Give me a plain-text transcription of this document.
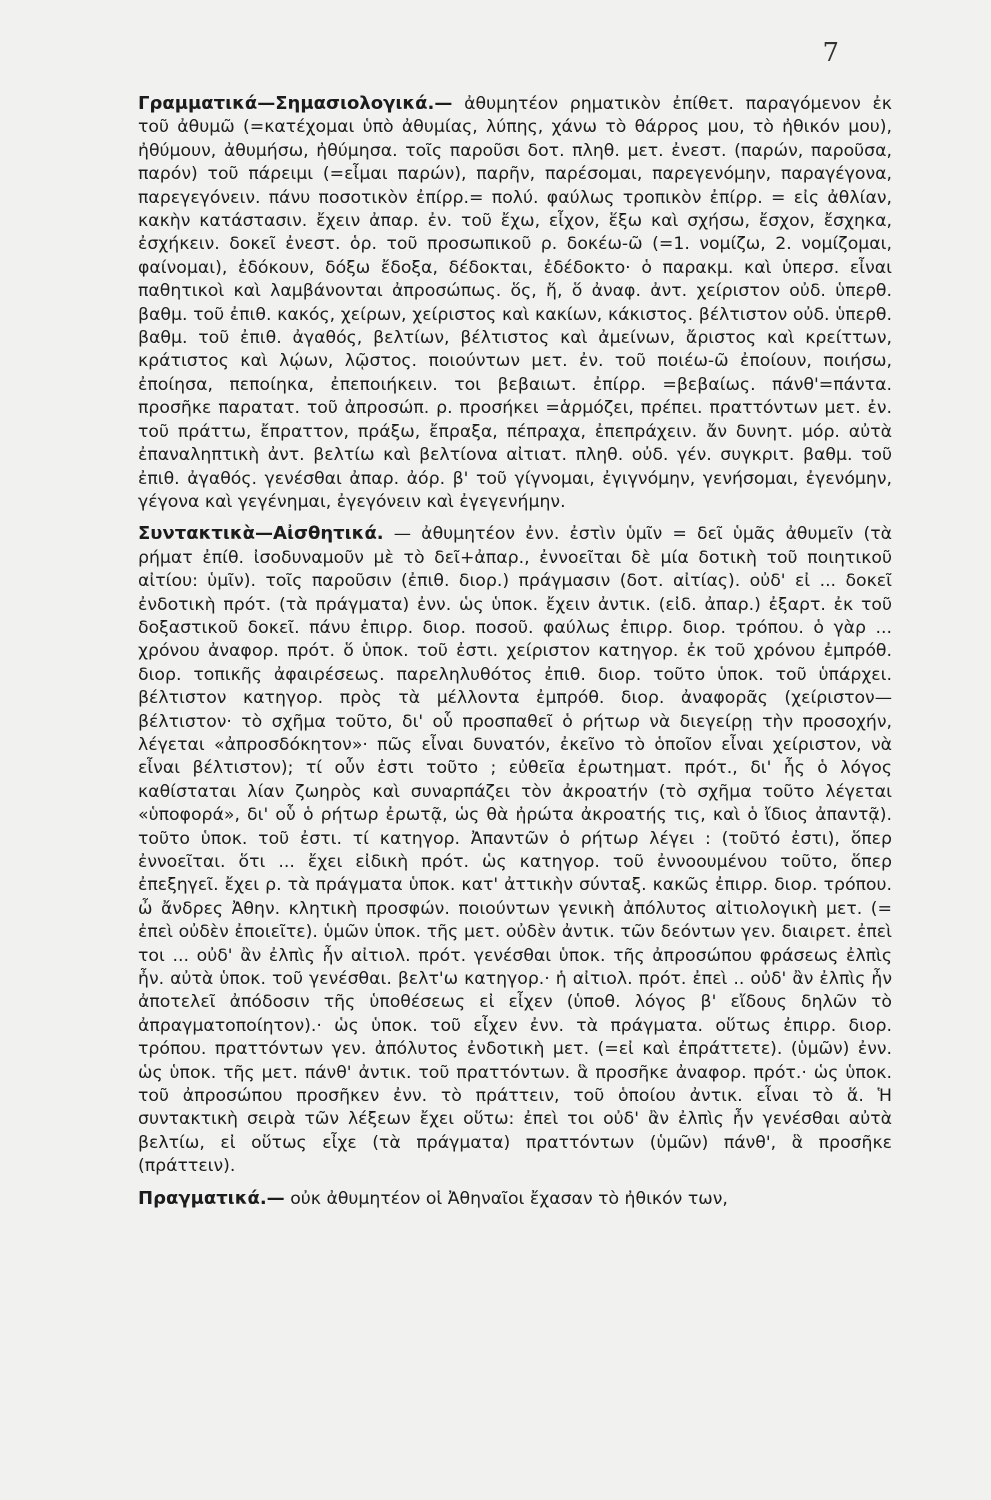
7

Γραμματικά—Σημασιολογικά.— ἀθυμητέον ρηματικὸν ἐπίθετ. παραγόμενον ἐκ τοῦ ἀθυμῶ (=κατέχομαι ὑπὸ ἀθυμίας, λύπης, χάνω τὸ θάρρος μου, τὸ ἠθικόν μου), ἠθύμουν, ἀθυμήσω, ἠθύμησα. τοῖς παροῦσι δοτ. πληθ. μετ. ἐνεστ. (παρών, παροῦσα, παρόν) τοῦ πάρειμι (=εἶμαι παρών), παρῆν, παρέσομαι, παρεγενόμην, παραγέγονα, παρεγεγόνειν. πάνυ ποσοτικὸν ἐπίρρ.= πολύ. φαύλως τροπικὸν ἐπίρρ. = εἰς ἀθλίαν, κακὴν κατάστασιν. ἔχειν ἀπαρ. ἐν. τοῦ ἔχω, εἶχον, ἕξω καὶ σχήσω, ἔσχον, ἔσχηκα, ἐσχήκειν. δοκεῖ ἐνεστ. ὁρ. τοῦ προσωπικοῦ ρ. δοκέω-ῶ (=1. νομίζω, 2. νομίζομαι, φαίνομαι), ἐδόκουν, δόξω ἔδοξα, δέδοκται, ἐδέδοκτο· ὁ παρακμ. καὶ ὑπερσ. εἶναι παθητικοὶ καὶ λαμβάνονται ἀπροσώπως. ὅς, ἥ, ὅ ἀναφ. ἀντ. χείριστον οὐδ. ὑπερθ. βαθμ. τοῦ ἐπιθ. κακός, χείρων, χείριστος καὶ κακίων, κάκιστος. βέλτιστον οὐδ. ὑπερθ. βαθμ. τοῦ ἐπιθ. ἀγαθός, βελτίων, βέλτιστος καὶ ἀμείνων, ἄριστος καὶ κρείττων, κράτιστος καὶ λῴων, λῷστος. ποιούντων μετ. ἐν. τοῦ ποιέω-ῶ ἐποίουν, ποιήσω, ἐποίησα, πεποίηκα, ἐπεποιήκειν. τοι βεβαιωτ. ἐπίρρ. =βεβαίως. πάνθ'=πάντα. προσῆκε παρατατ. τοῦ ἀπροσώπ. ρ. προσήκει =ἁρμόζει, πρέπει. πραττόντων μετ. ἐν. τοῦ πράττω, ἔπραττον, πράξω, ἔπραξα, πέπραχα, ἐπεπράχειν. ἄν δυνητ. μόρ. αὐτὰ ἐπαναληπτικὴ ἀντ. βελτίω καὶ βελτίονα αἰτιατ. πληθ. οὐδ. γέν. συγκριτ. βαθμ. τοῦ ἐπιθ. ἀγαθός. γενέσθαι ἀπαρ. ἀόρ. β' τοῦ γίγνομαι, ἐγιγνόμην, γενήσομαι, ἐγενόμην, γέγονα καὶ γεγένημαι, ἐγεγόνειν καὶ ἐγεγενήμην.

Συντακτικὰ—Αἰσθητικά. — ἀθυμητέον ἐνν. ἐστὶν ὑμῖν = δεῖ ὑμᾶς ἀθυμεῖν (τὰ ρήματ ἐπίθ. ἰσοδυναμοῦν μὲ τὸ δεῖ+ἀπαρ., ἐννοεῖται δὲ μία δοτικὴ τοῦ ποιητικοῦ αἰτίου: ὑμῖν). τοῖς παροῦσιν (ἐπιθ. διορ.) πράγμασιν (δοτ. αἰτίας). οὐδ' εἰ ... δοκεῖ ἐνδοτικὴ πρότ. (τὰ πράγματα) ἐνν. ὡς ὑποκ. ἔχειν ἀντικ. (εἰδ. ἀπαρ.) ἐξαρτ. ἐκ τοῦ δοξαστικοῦ δοκεῖ. πάνυ ἐπιρρ. διορ. ποσοῦ. φαύλως ἐπιρρ. διορ. τρόπου. ὁ γὰρ ... χρόνου ἀναφορ. πρότ. ὅ ὑποκ. τοῦ ἐστι. χείριστον κατηγορ. ἐκ τοῦ χρόνου ἐμπρόθ. διορ. τοπικῆς ἀφαιρέσεως. παρεληλυθότος ἐπιθ. διορ. τοῦτο ὑποκ. τοῦ ὑπάρχει. βέλτιστον κατηγορ. πρὸς τὰ μέλλοντα ἐμπρόθ. διορ. ἀναφορᾶς (χείριστον—βέλτιστον· τὸ σχῆμα τοῦτο, δι' οὗ προσπαθεῖ ὁ ρήτωρ νὰ διεγείρῃ τὴν προσοχήν, λέγεται «ἀπροσδόκητον»· πῶς εἶναι δυνατόν, ἐκεῖνο τὸ ὁποῖον εἶναι χείριστον, νὰ εἶναι βέλτιστον); τί οὖν ἐστι τοῦτο ; εὐθεῖα ἐρωτηματ. πρότ., δι' ἧς ὁ λόγος καθίσταται λίαν ζωηρὸς καὶ συναρπάζει τὸν ἀκροατήν (τὸ σχῆμα τοῦτο λέγεται «ὑποφορά», δι' οὗ ὁ ρήτωρ ἐρωτᾷ, ὡς θὰ ἠρώτα ἀκροατής τις, καὶ ὁ ἴδιος ἀπαντᾷ). τοῦτο ὑποκ. τοῦ ἐστι. τί κατηγορ. Ἀπαντῶν ὁ ρήτωρ λέγει : (τοῦτό ἐστι), ὅπερ ἐννοεῖται. ὅτι ... ἔχει εἰδικὴ πρότ. ὡς κατηγορ. τοῦ ἐννοουμένου τοῦτο, ὅπερ ἐπεξηγεῖ. ἔχει ρ. τὰ πράγματα ὑποκ. κατ' ἀττικὴν σύνταξ. κακῶς ἐπιρρ. διορ. τρόπου. ὦ ἄνδρες Ἀθην. κλητικὴ προσφών. ποιούντων γενικὴ ἀπόλυτος αἰτιολογικὴ μετ. (= ἐπεὶ οὐδὲν ἐποιεῖτε). ὑμῶν ὑποκ. τῆς μετ. οὐδὲν ἀντικ. τῶν δεόντων γεν. διαιρετ. ἐπεὶ τοι ... οὐδ' ἂν ἐλπὶς ἦν αἰτιολ. πρότ. γενέσθαι ὑποκ. τῆς ἀπροσώπου φράσεως ἐλπὶς ἦν. αὐτὰ ὑποκ. τοῦ γενέσθαι. βελτ'ω κατηγορ.· ἡ αἰτιολ. πρότ. ἐπεὶ .. οὐδ' ἂν ἐλπὶς ἦν ἀποτελεῖ ἀπόδοσιν τῆς ὑποθέσεως εἰ εἶχεν (ὑποθ. λόγος β' εἴδους δηλῶν τὸ ἀπραγματοποίητον).· ὡς ὑποκ. τοῦ εἶχεν ἐνν. τὰ πράγματα. οὕτως ἐπιρρ. διορ. τρόπου. πραττόντων γεν. ἀπόλυτος ἐνδοτικὴ μετ. (=εἰ καὶ ἐπράττετε). (ὑμῶν) ἐνν. ὡς ὑποκ. τῆς μετ. πάνθ' ἀντικ. τοῦ πραττόντων. ἃ προσῆκε ἀναφορ. πρότ.· ὡς ὑποκ. τοῦ ἀπροσώπου προσῆκεν ἐνν. τὸ πράττειν, τοῦ ὁποίου ἀντικ. εἶναι τὸ ἅ. Ἡ συντακτικὴ σειρὰ τῶν λέξεων ἔχει οὕτω: ἐπεὶ τοι οὐδ' ἂν ἐλπὶς ἦν γενέσθαι αὐτὰ βελτίω, εἰ οὕτως εἶχε (τὰ πράγματα) πραττόντων (ὑμῶν) πάνθ', ἃ προσῆκε (πράττειν).

Πραγματικά.— οὐκ ἀθυμητέον οἱ Ἀθηναῖοι ἔχασαν τὸ ἠθικόν των,
